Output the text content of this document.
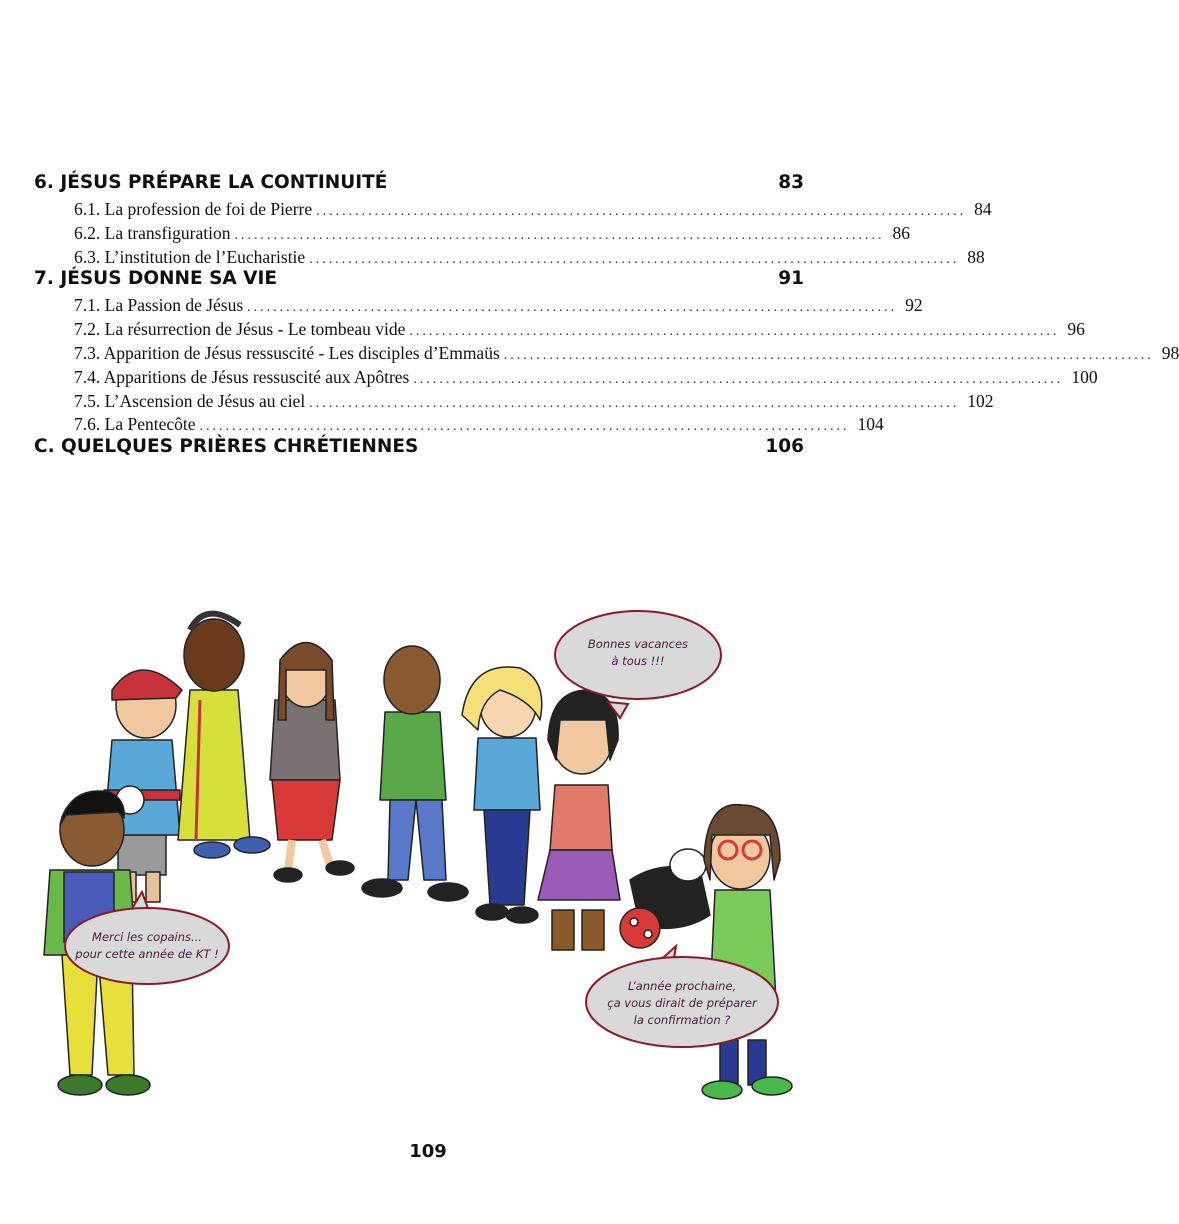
6. JÉSUS PRÉPARE LA CONTINUITÉ	83
6.1. La profession de foi de Pierre .................................................................................................... 84
6.2. La transfiguration .................................................................................................... 86
6.3. L’institution de l’Eucharistie .................................................................................................... 88
7. JÉSUS DONNE SA VIE	91
7.1. La Passion de Jésus .................................................................................................... 92
7.2. La résurrection de Jésus - Le tombeau vide .................................................................................................... 96
7.3. Apparition de Jésus ressuscité - Les disciples d’Emmaüs .................................................................................................... 98
7.4. Apparitions de Jésus ressuscité aux Apôtres .................................................................................................... 100
7.5. L’Ascension de Jésus au ciel .................................................................................................... 102
7.6. La Pentecôte .................................................................................................... 104
C. QUELQUES PRIÈRES CHRÉTIENNES	106
Bonnes vacances
à tous !!!
Merci les copains...
pour cette année de KT !
L’année prochaine,
ça vous dirait de préparer
la confirmation ?
109
